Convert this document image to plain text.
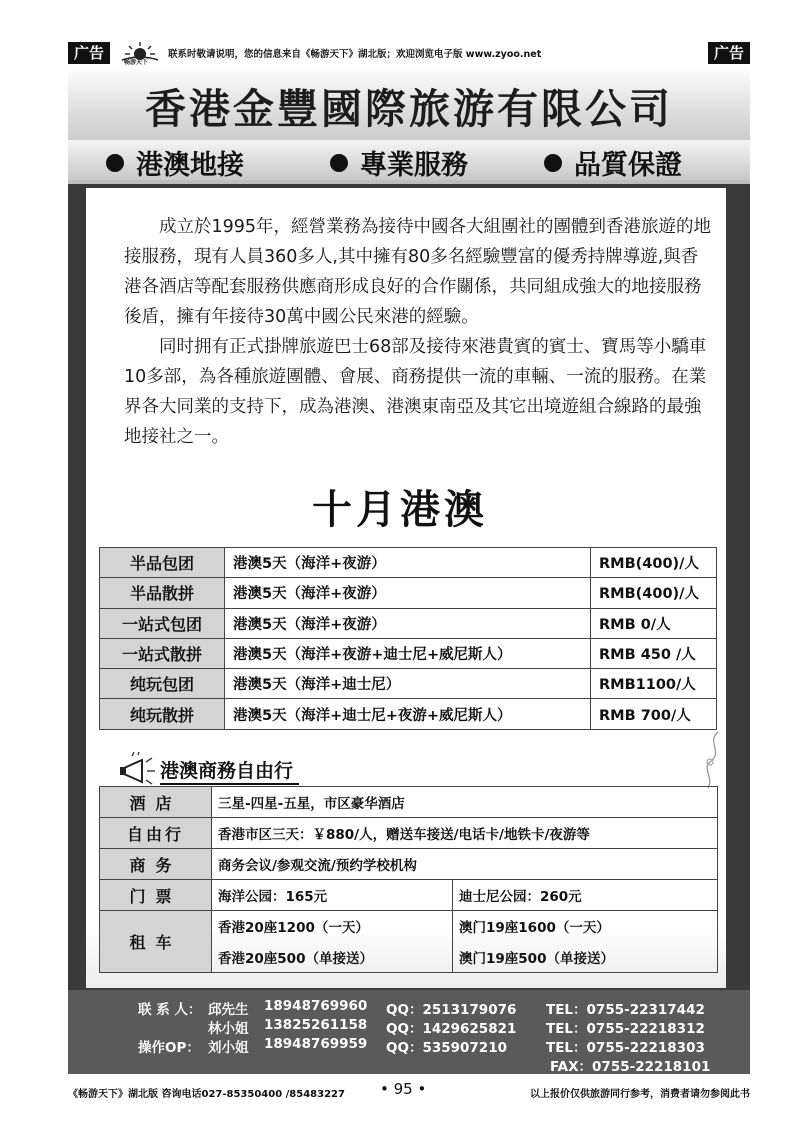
广告
畅游天下
联系时敬请说明，您的信息来自《畅游天下》湖北版；欢迎浏览电子版 www.zyoo.net	广告
香港金豐國際旅游有限公司
港澳地接	專業服務	品質保證

成立於1995年，經營業務為接待中國各大組團社的團體到香港旅遊的地接服務，現有人員360多人,其中擁有80多名經驗豐富的優秀持牌導遊,與香港各酒店等配套服務供應商形成良好的合作關係，共同組成強大的地接服務後盾，擁有年接待30萬中國公民來港的經驗。

同时拥有正式掛牌旅遊巴士68部及接待來港貴賓的賓士、寶馬等小驕車10多部，為各種旅遊團體、會展、商務提供一流的車輛、一流的服務。在業界各大同業的支持下，成為港澳、港澳東南亞及其它出境遊組合線路的最強地接社之一。

十月港澳
半品包团	港澳5天（海洋+夜游）	RMB(400)/人
半品散拼	港澳5天（海洋+夜游）	RMB(400)/人
一站式包团	港澳5天（海洋+夜游）	RMB 0/人
一站式散拼	港澳5天（海洋+夜游+迪士尼+威尼斯人）	RMB 450 /人
纯玩包团	港澳5天（海洋+迪士尼）	RMB1100/人
纯玩散拼	港澳5天（海洋+迪士尼+夜游+威尼斯人）	RMB 700/人
港澳商務自由行
酒店	三星-四星-五星，市区豪华酒店	
自由行	香港市区三天：￥880/人，赠送车接送/电话卡/地铁卡/夜游等	
商务	商务会议/参观交流/预约学校机构	
门票	海洋公园：165元	迪士尼公园：260元
租车	香港20座1200（一天）	澳门19座1600（一天）
	香港20座500（单接送）	澳门19座500（单接送）
联 系 人： 邱先生 18948769960 QQ：2513179076 TEL：0755-22317442
林小姐 13825261158 QQ：1429625821 TEL：0755-22218312
操作OP： 刘小姐 18948769959 QQ：535907210	TEL：0755-22218303
FAX：0755-22218101
《畅游天下》湖北版 咨询电话027-85350400 /85483227 • 95 •	以上报价仅供旅游同行参考，消费者请勿参阅此书
